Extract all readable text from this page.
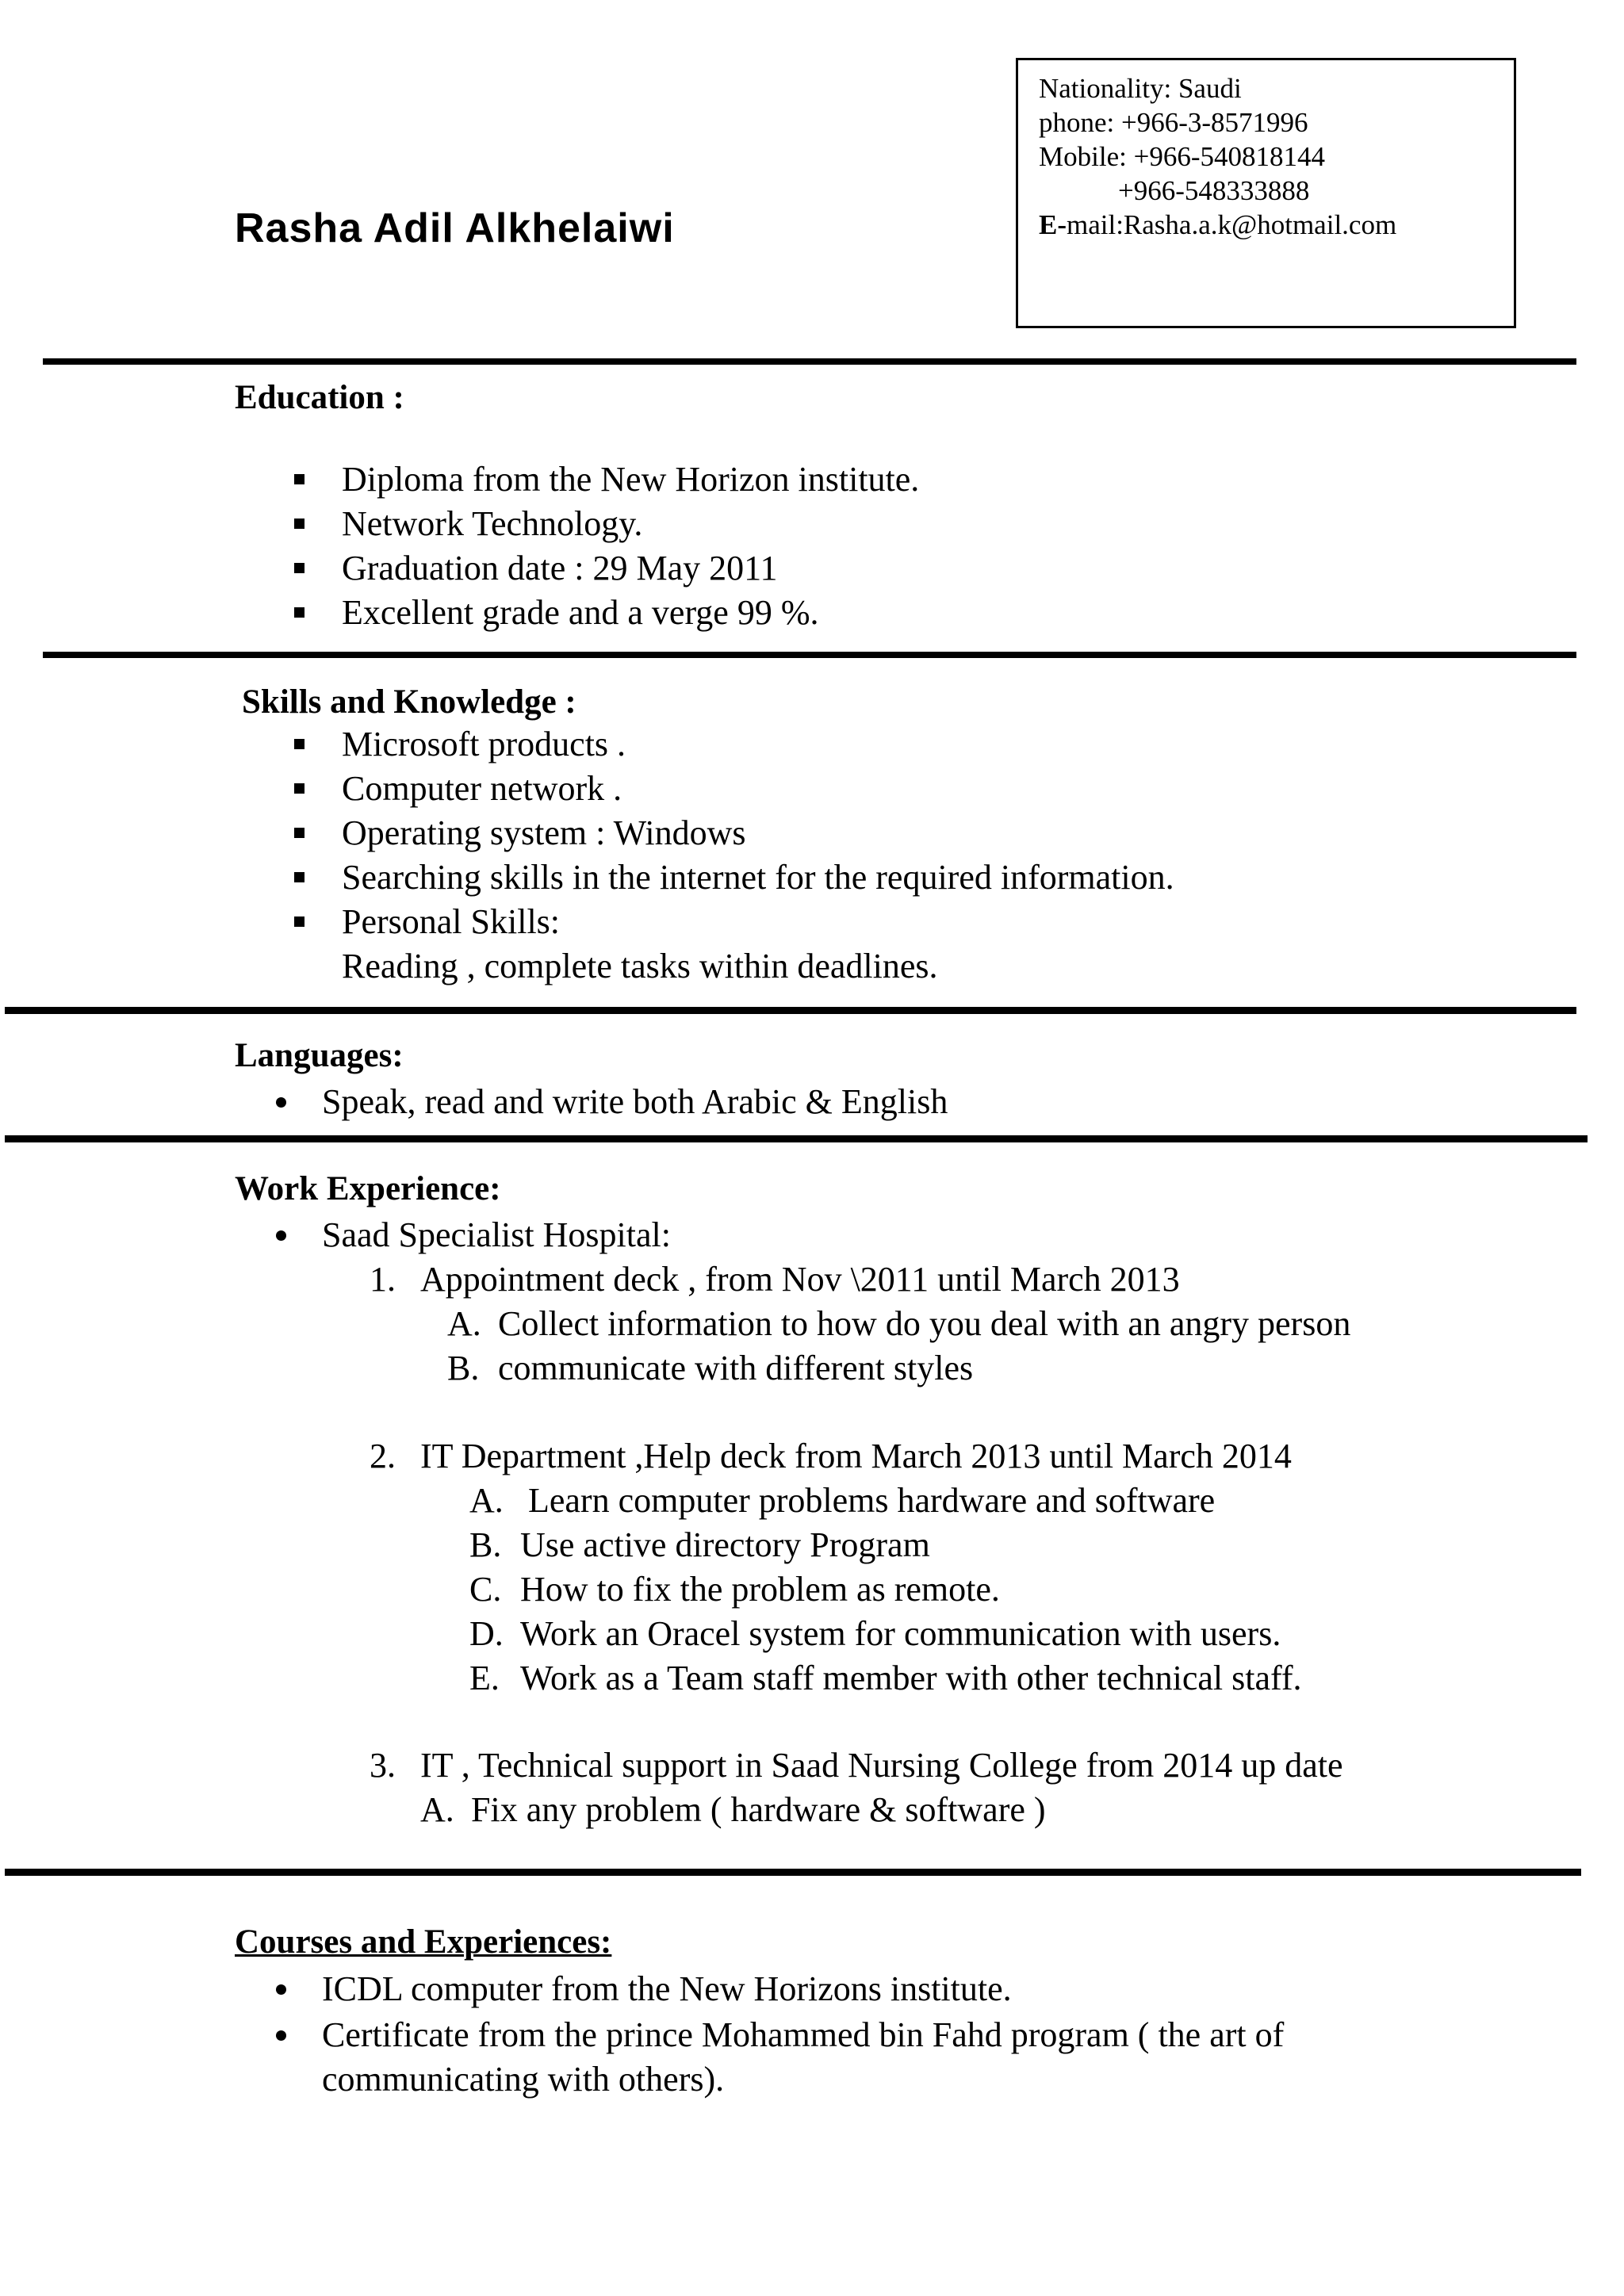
Rasha Adil Alkhelaiwi
Nationality: Saudi
phone: +966-3-8571996
Mobile: +966-540818144
+966-548333888
E-mail:Rasha.a.k@hotmail.com
Education :
Diploma from the New Horizon institute.
Network Technology.
Graduation date : 29 May 2011
Excellent grade and a verge 99 %.
Skills and Knowledge :
Microsoft products .
Computer network .
Operating system : Windows
Searching skills in the internet for the required information.
Personal Skills:
Reading , complete tasks within deadlines.
Languages:
Speak, read and write both Arabic & English
Work Experience:
Saad Specialist Hospital:
1. Appointment deck , from Nov \2011 until March 2013
A. Collect information to how do you deal with an angry person
B. communicate with different styles
2. IT Department ,Help deck from March 2013 until March 2014
A. Learn computer problems hardware and software
B. Use active directory Program
C. How to fix the problem as remote.
D. Work an Oracel system for communication with users.
E. Work as a Team staff member with other technical staff.
3. IT , Technical support in Saad Nursing College from 2014 up date
A. Fix any problem ( hardware & software )
Courses and Experiences:
ICDL computer from the New Horizons institute.
Certificate from the prince Mohammed bin Fahd program ( the art of
communicating with others).
